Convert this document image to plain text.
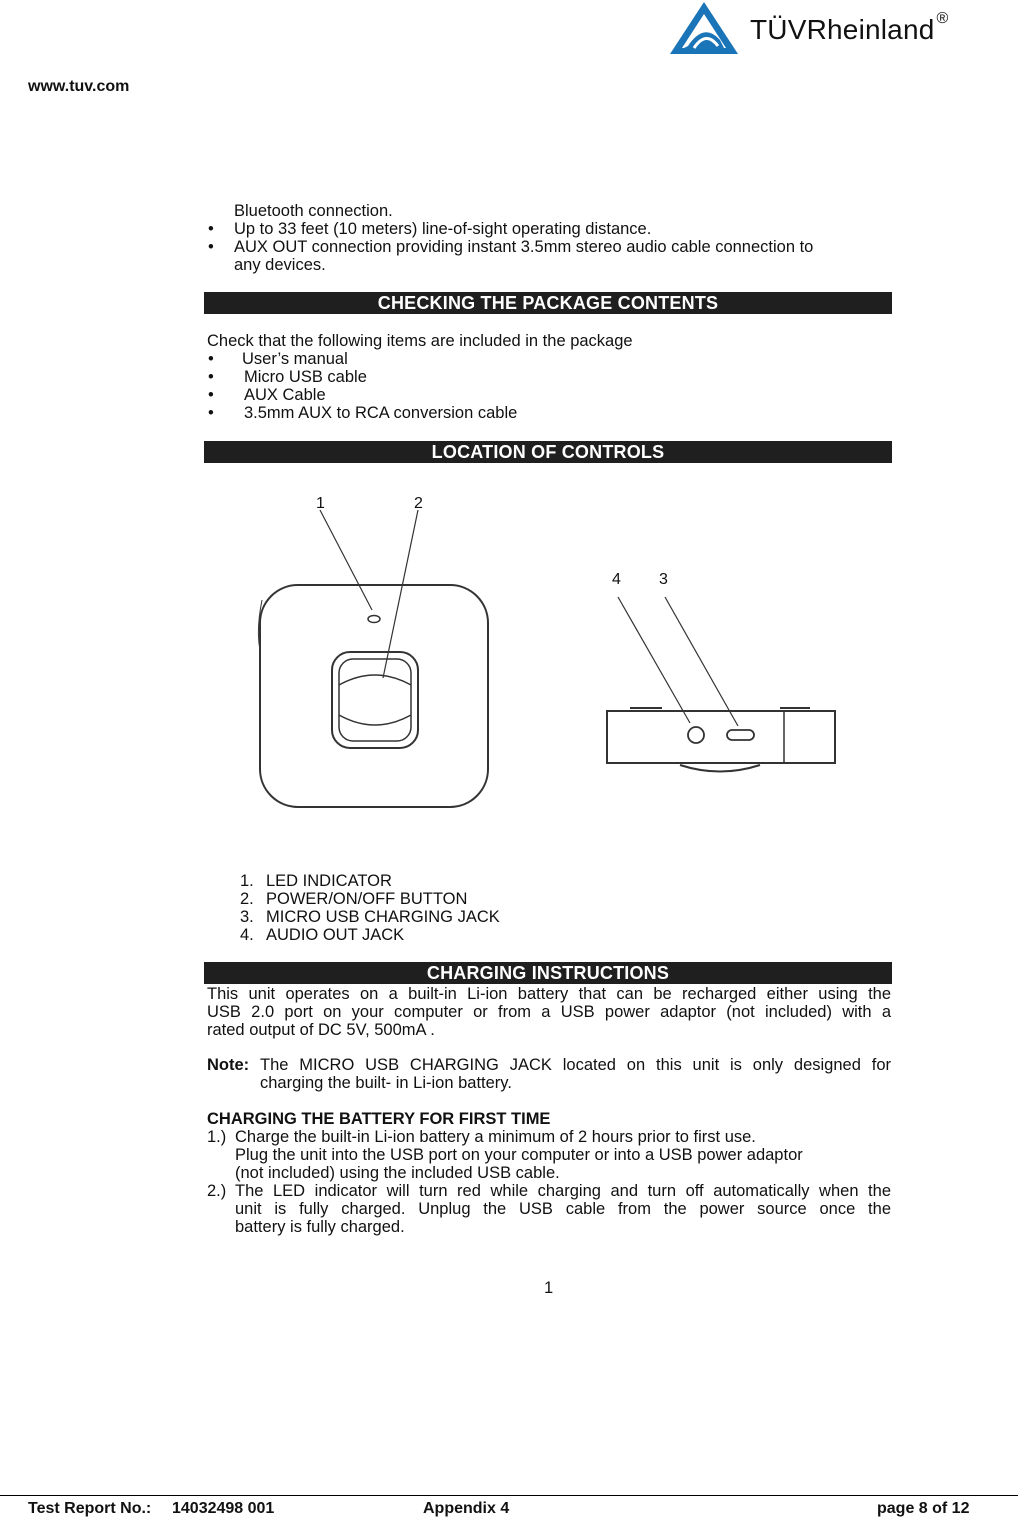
www.tuv.com
TÜVRheinland ®
Bluetooth connection.
• Up to 33 feet (10 meters) line-of-sight operating distance.
• AUX OUT connection providing instant 3.5mm stereo audio cable connection to
any devices.
CHECKING THE PACKAGE CONTENTS
Check that the following items are included in the package
• User’s manual
• Micro USB cable
• AUX Cable
• 3.5mm AUX to RCA conversion cable
LOCATION OF CONTROLS
1	2
4 3
1. LED INDICATOR
2. POWER/ON/OFF BUTTON
3. MICRO USB CHARGING JACK
4. AUDIO OUT JACK
CHARGING INSTRUCTIONS
This unit operates on a built-in Li-ion battery that can be recharged either using the
USB 2.0 port on your computer or from a USB power adaptor (not included) with a
rated output of DC 5V, 500mA .
Note: The MICRO USB CHARGING JACK located on this unit is only designed for
charging the built- in Li-ion battery.
CHARGING THE BATTERY FOR FIRST TIME
1.) Charge the built-in Li-ion battery a minimum of 2 hours prior to first use.
Plug the unit into the USB port on your computer or into a USB power adaptor
(not included) using the included USB cable.
2.) The LED indicator will turn red while charging and turn off automatically when the
unit is fully charged. Unplug the USB cable from the power source once the
battery is fully charged.
1
Test Report No.: 14032498 001	Appendix 4	page 8 of 12
